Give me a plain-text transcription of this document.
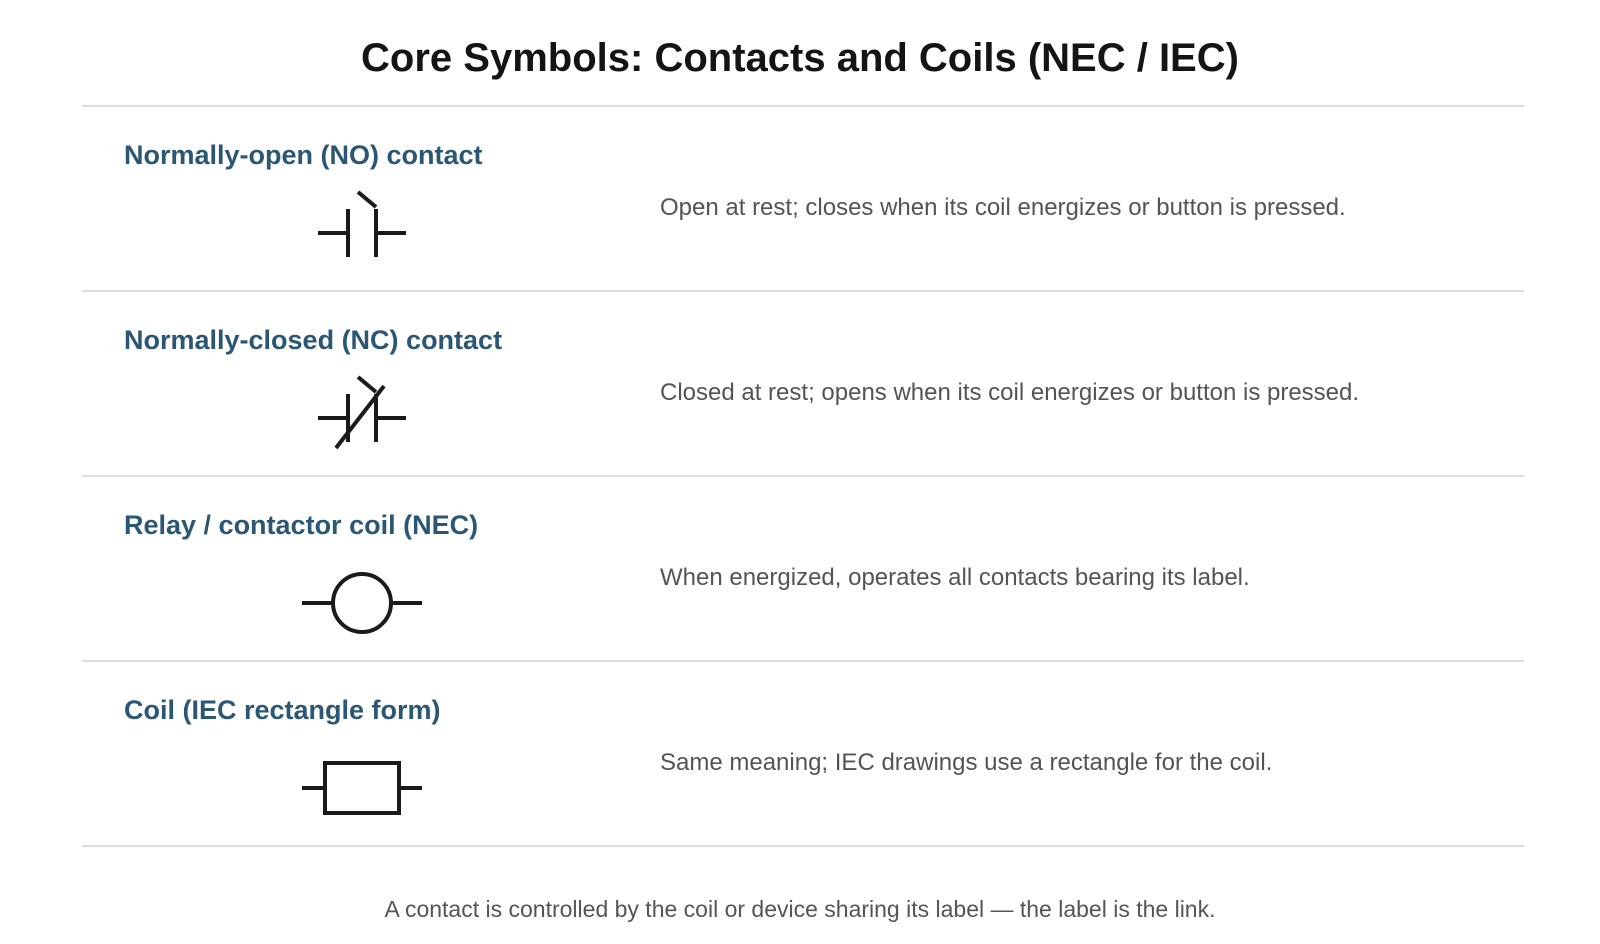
Core Symbols: Contacts and Coils (NEC / IEC)
Normally-open (NO) contact
Open at rest; closes when its coil energizes or button is pressed.
Normally-closed (NC) contact
Closed at rest; opens when its coil energizes or button is pressed.
Relay / contactor coil (NEC)
When energized, operates all contacts bearing its label.
Coil (IEC rectangle form)
Same meaning; IEC drawings use a rectangle for the coil.
A contact is controlled by the coil or device sharing its label — the label is the link.
